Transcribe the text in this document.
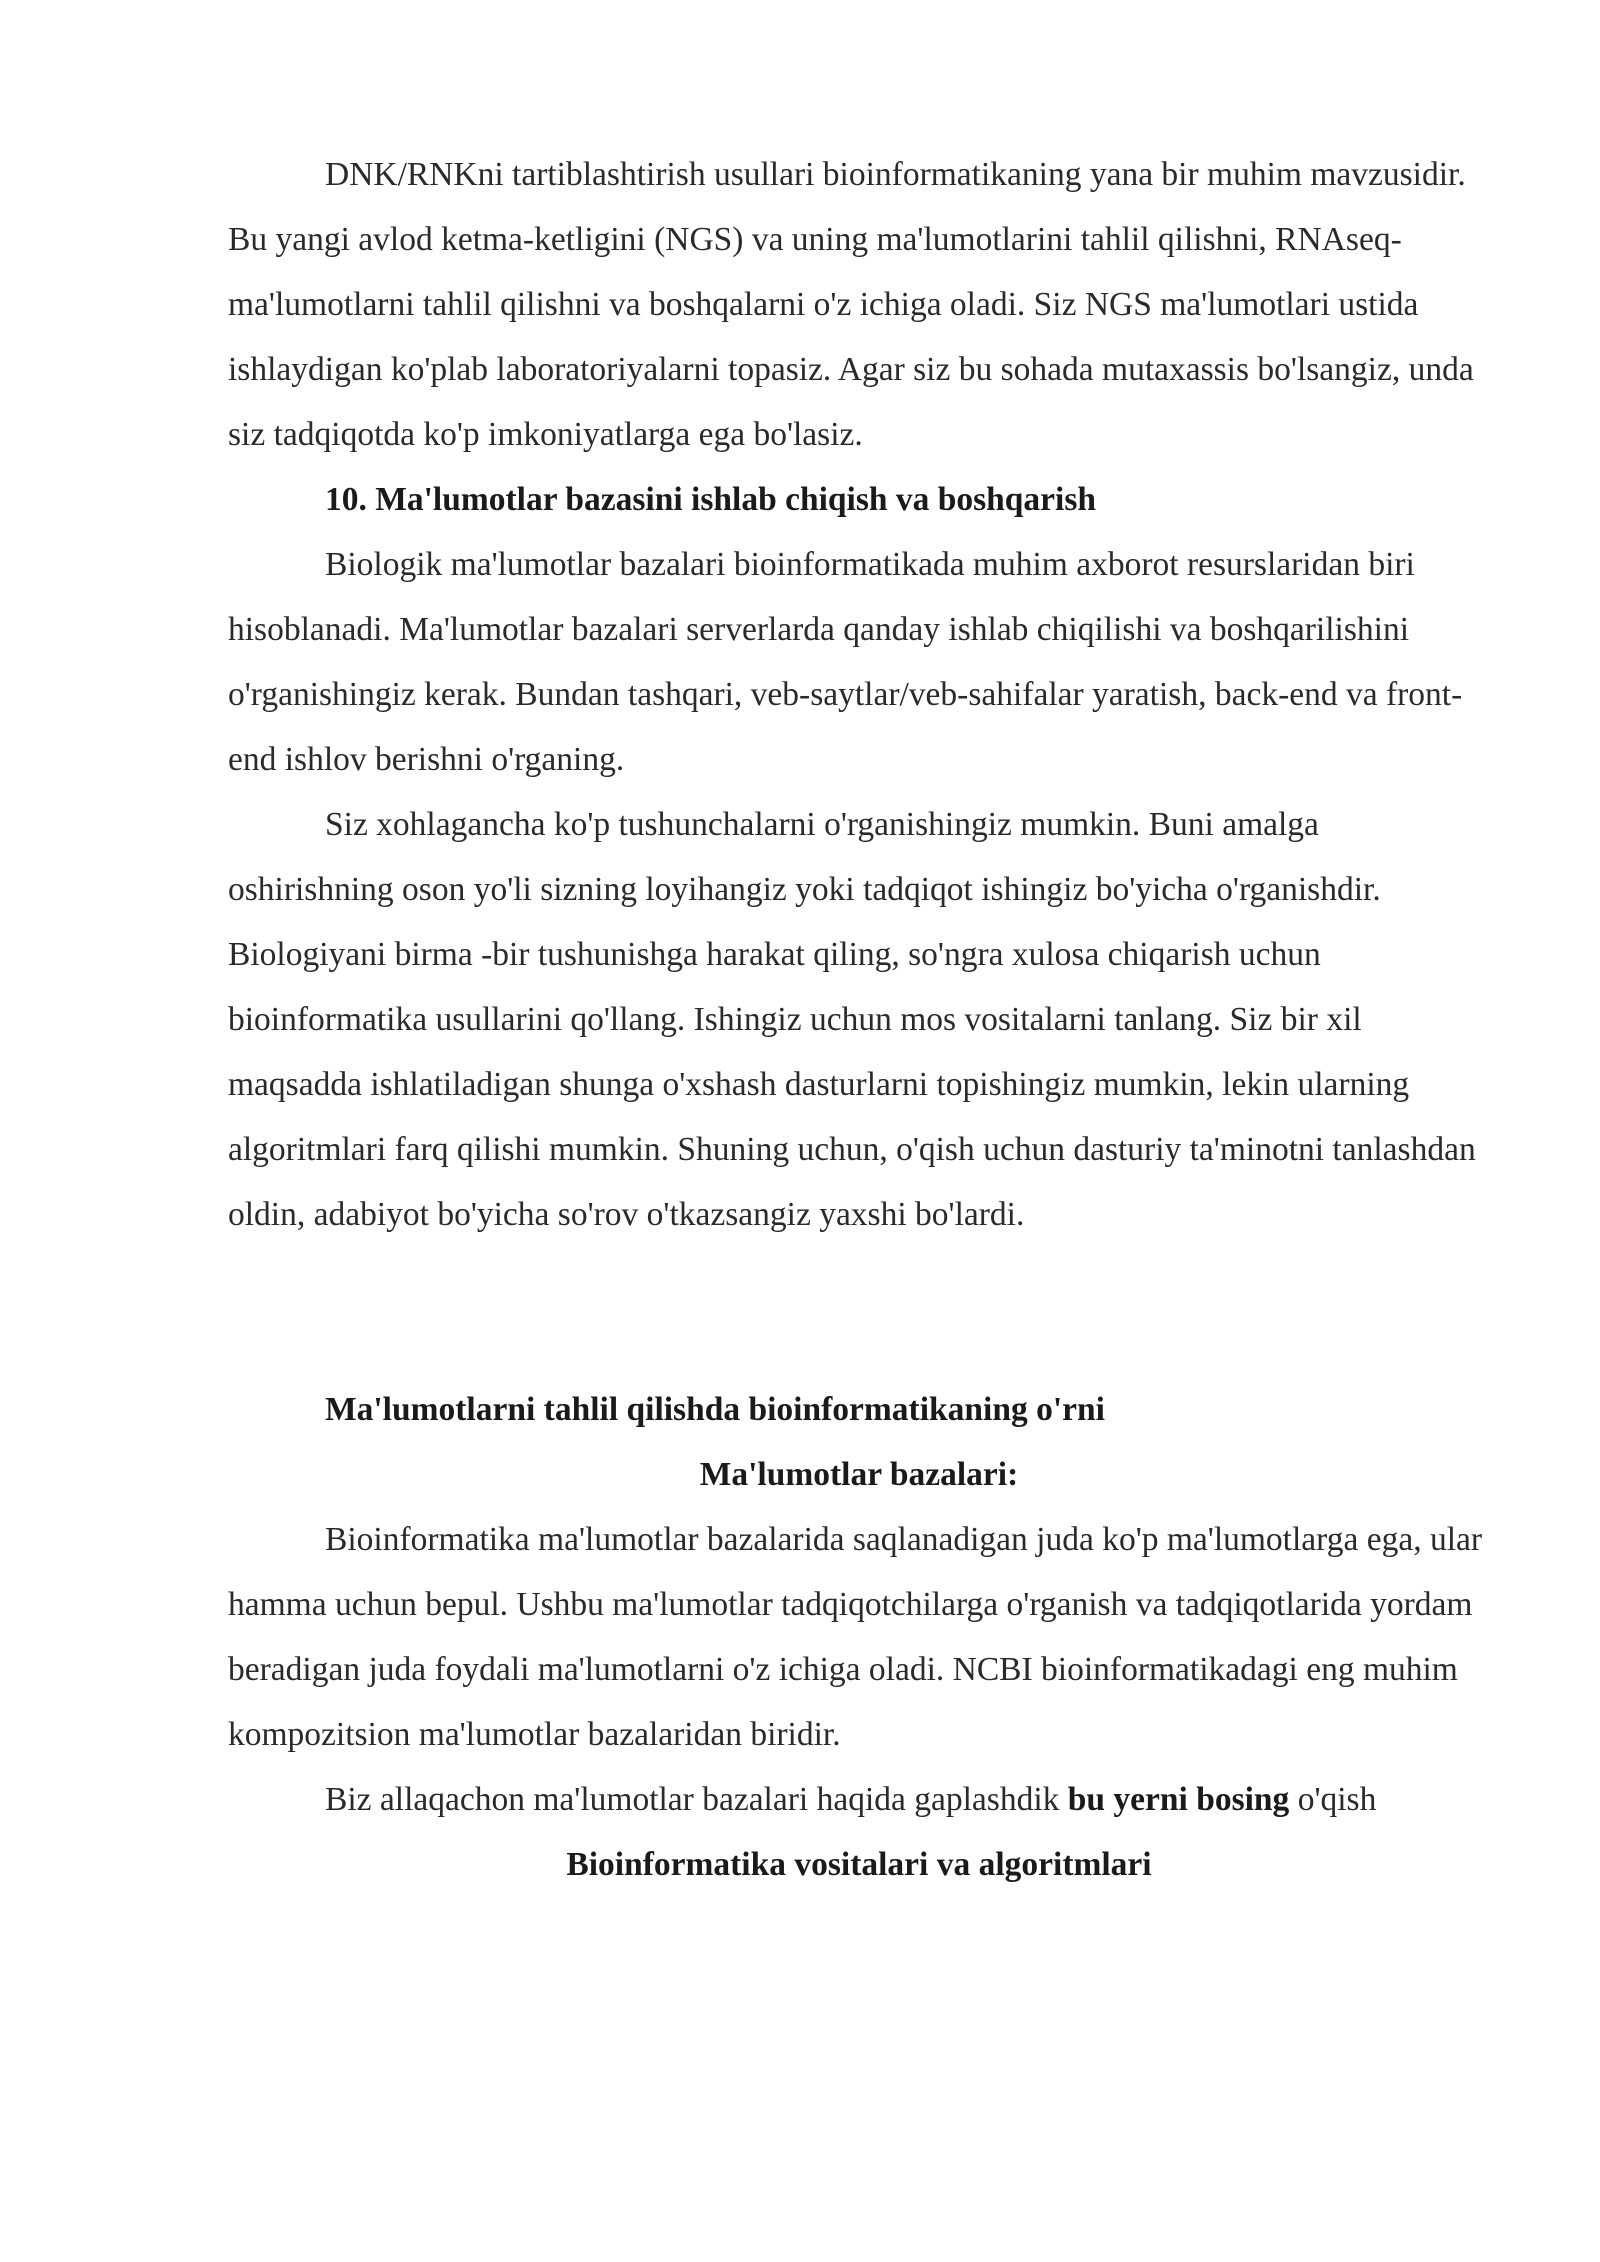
DNK/RNKni tartiblashtirish usullari bioinformatikaning yana bir muhim mavzusidir. Bu yangi avlod ketma-ketligini (NGS) va uning ma'lumotlarini tahlil qilishni, RNAseq-ma'lumotlarni tahlil qilishni va boshqalarni o'z ichiga oladi. Siz NGS ma'lumotlari ustida ishlaydigan ko'plab laboratoriyalarni topasiz. Agar siz bu sohada mutaxassis bo'lsangiz, unda siz tadqiqotda ko'p imkoniyatlarga ega bo'lasiz.

10. Ma'lumotlar bazasini ishlab chiqish va boshqarish

Biologik ma'lumotlar bazalari bioinformatikada muhim axborot resurslaridan biri hisoblanadi. Ma'lumotlar bazalari serverlarda qanday ishlab chiqilishi va boshqarilishini o'rganishingiz kerak. Bundan tashqari, veb-saytlar/veb-sahifalar yaratish, back-end va front-end ishlov berishni o'rganing.

Siz xohlagancha ko'p tushunchalarni o'rganishingiz mumkin. Buni amalga oshirishning oson yo'li sizning loyihangiz yoki tadqiqot ishingiz bo'yicha o'rganishdir. Biologiyani birma -bir tushunishga harakat qiling, so'ngra xulosa chiqarish uchun bioinformatika usullarini qo'llang. Ishingiz uchun mos vositalarni tanlang. Siz bir xil maqsadda ishlatiladigan shunga o'xshash dasturlarni topishingiz mumkin, lekin ularning algoritmlari farq qilishi mumkin. Shuning uchun, o'qish uchun dasturiy ta'minotni tanlashdan oldin, adabiyot bo'yicha so'rov o'tkazsangiz yaxshi bo'lardi.

Ma'lumotlarni tahlil qilishda bioinformatikaning o'rni

Ma'lumotlar bazalari:

Bioinformatika ma'lumotlar bazalarida saqlanadigan juda ko'p ma'lumotlarga ega, ular hamma uchun bepul. Ushbu ma'lumotlar tadqiqotchilarga o'rganish va tadqiqotlarida yordam beradigan juda foydali ma'lumotlarni o'z ichiga oladi. NCBI bioinformatikadagi eng muhim kompozitsion ma'lumotlar bazalaridan biridir.

Biz allaqachon ma'lumotlar bazalari haqida gaplashdik bu yerni bosing o'qish

Bioinformatika vositalari va algoritmlari
